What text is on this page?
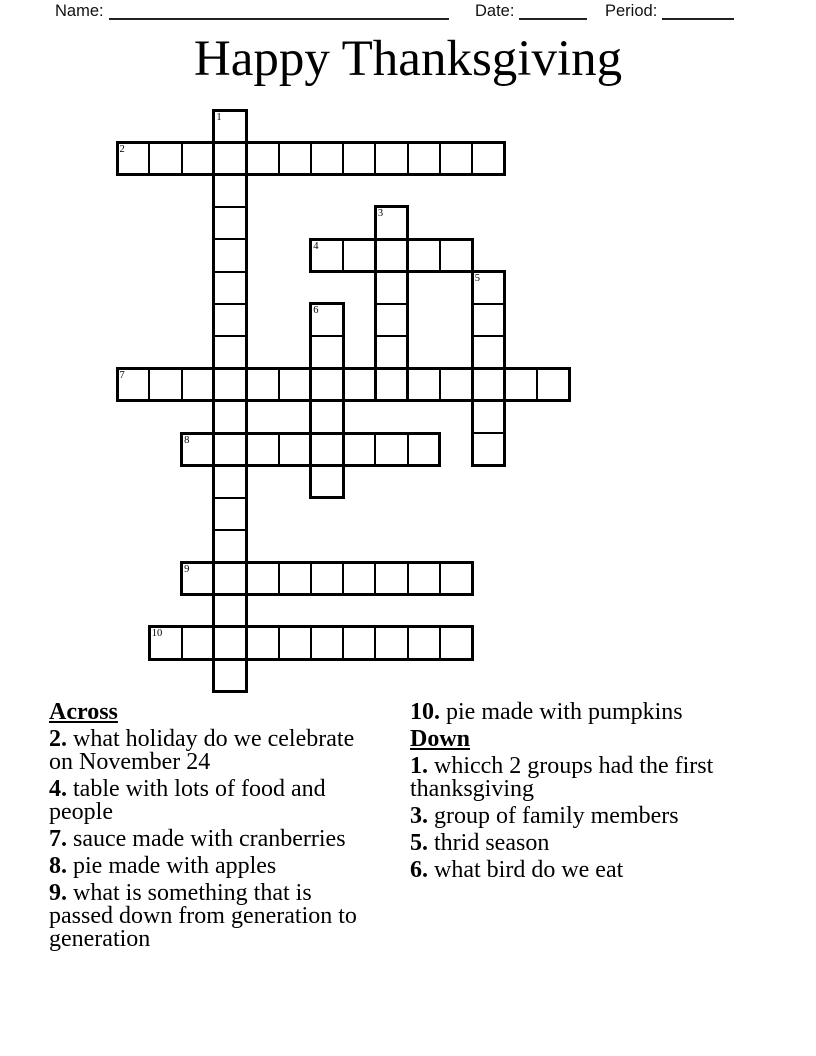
Name:	Date:	Period:
Happy Thanksgiving
1
2
3
4
5
6
7
8
9
10
Across

2. what holiday do we celebrate on November 24

4. table with lots of food and people

7. sauce made with cranberries

8. pie made with apples

9. what is something that is passed down from generation to generation

10. pie made with pumpkins

Down

1. whicch 2 groups had the first thanksgiving

3. group of family members

5. thrid season

6. what bird do we eat
